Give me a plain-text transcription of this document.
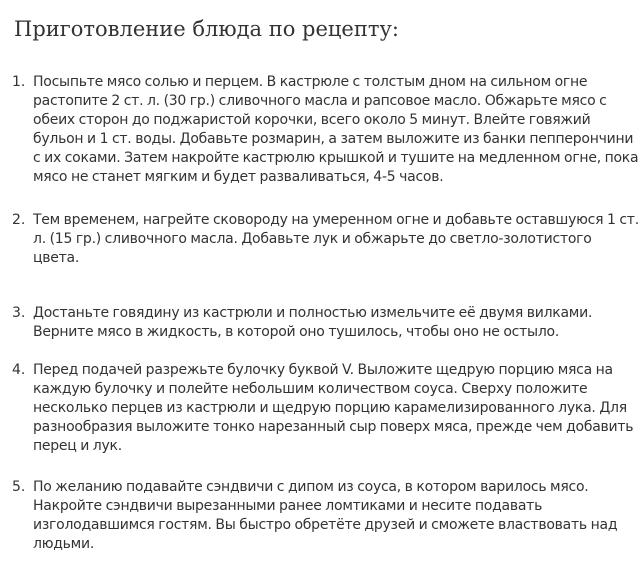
Приготовление блюда по рецепту:
1. Посыпьте мясо солью и перцем. В кастрюле с толстым дном на сильном огне растопите 2 ст. л. (30 гр.) сливочного масла и рапсовое масло. Обжарьте мясо с обеих сторон до поджаристой корочки, всего около 5 минут. Влейте говяжий бульон и 1 ст. воды. Добавьте розмарин, а затем выложите из банки пепперончини с их соками. Затем накройте кастрюлю крышкой и тушите на медленном огне, пока мясо не станет мягким и будет разваливаться, 4-5 часов.
2. Тем временем, нагрейте сковороду на умеренном огне и добавьте оставшуюся 1 ст. л. (15 гр.) сливочного масла. Добавьте лук и обжарьте до светло-золотистого цвета.
3. Достаньте говядину из кастрюли и полностью измельчите её двумя вилками. Верните мясо в жидкость, в которой оно тушилось, чтобы оно не остыло.
4. Перед подачей разрежьте булочку буквой V. Выложите щедрую порцию мяса на каждую булочку и полейте небольшим количеством соуса. Сверху положите несколько перцев из кастрюли и щедрую порцию карамелизированного лука. Для разнообразия выложите тонко нарезанный сыр поверх мяса, прежде чем добавить перец и лук.
5. По желанию подавайте сэндвичи с дипом из соуса, в котором варилось мясо. Накройте сэндвичи вырезанными ранее ломтиками и несите подавать изголодавшимся гостям. Вы быстро обретёте друзей и сможете властвовать над людьми.
